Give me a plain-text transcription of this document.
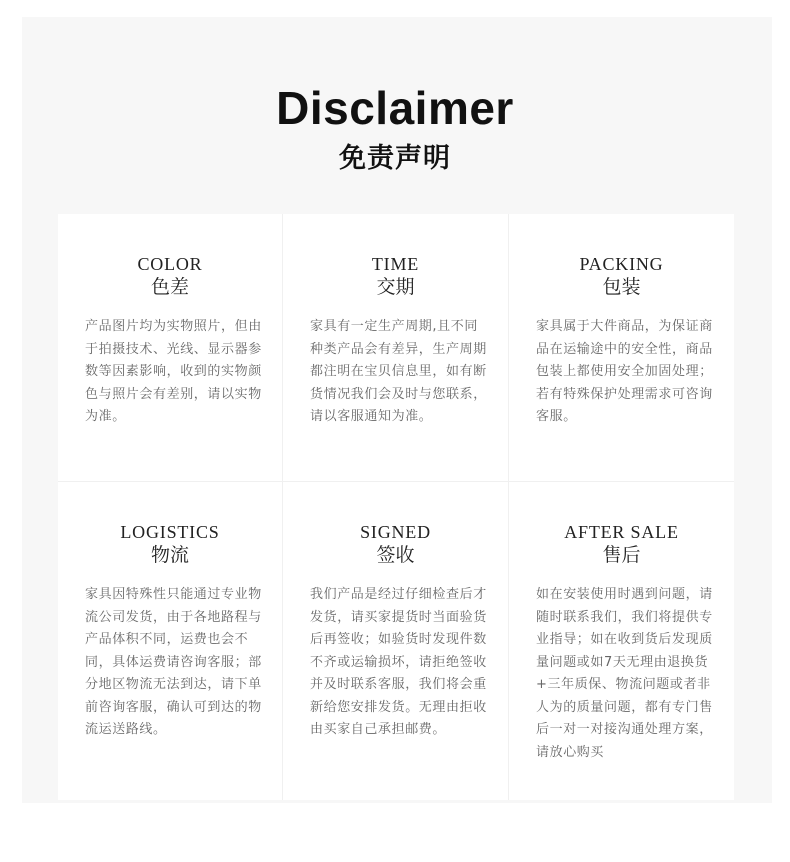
Disclaimer
免责声明
COLOR
色差
产品图片均为实物照片，但由于拍摄技术、光线、显示器参数等因素影响，收到的实物颜色与照片会有差别，请以实物为准。
TIME
交期
家具有一定生产周期,且不同种类产品会有差异，生产周期都注明在宝贝信息里，如有断货情况我们会及时与您联系，请以客服通知为准。
PACKING
包装
家具属于大件商品，为保证商品在运输途中的安全性，商品包装上都使用安全加固处理；若有特殊保护处理需求可咨询客服。
LOGISTICS
物流
家具因特殊性只能通过专业物流公司发货，由于各地路程与产品体积不同，运费也会不同，具体运费请咨询客服；部分地区物流无法到达，请下单前咨询客服，确认可到达的物流运送路线。
SIGNED
签收
我们产品是经过仔细检查后才发货，请买家提货时当面验货后再签收；如验货时发现件数不齐或运输损坏，请拒绝签收并及时联系客服，我们将会重新给您安排发货。无理由拒收由买家自己承担邮费。
AFTER SALE
售后
如在安装使用时遇到问题，请随时联系我们，我们将提供专业指导；如在收到货后发现质量问题或如7天无理由退换货+三年质保、物流问题或者非人为的质量问题，都有专门售后一对一对接沟通处理方案，请放心购买
